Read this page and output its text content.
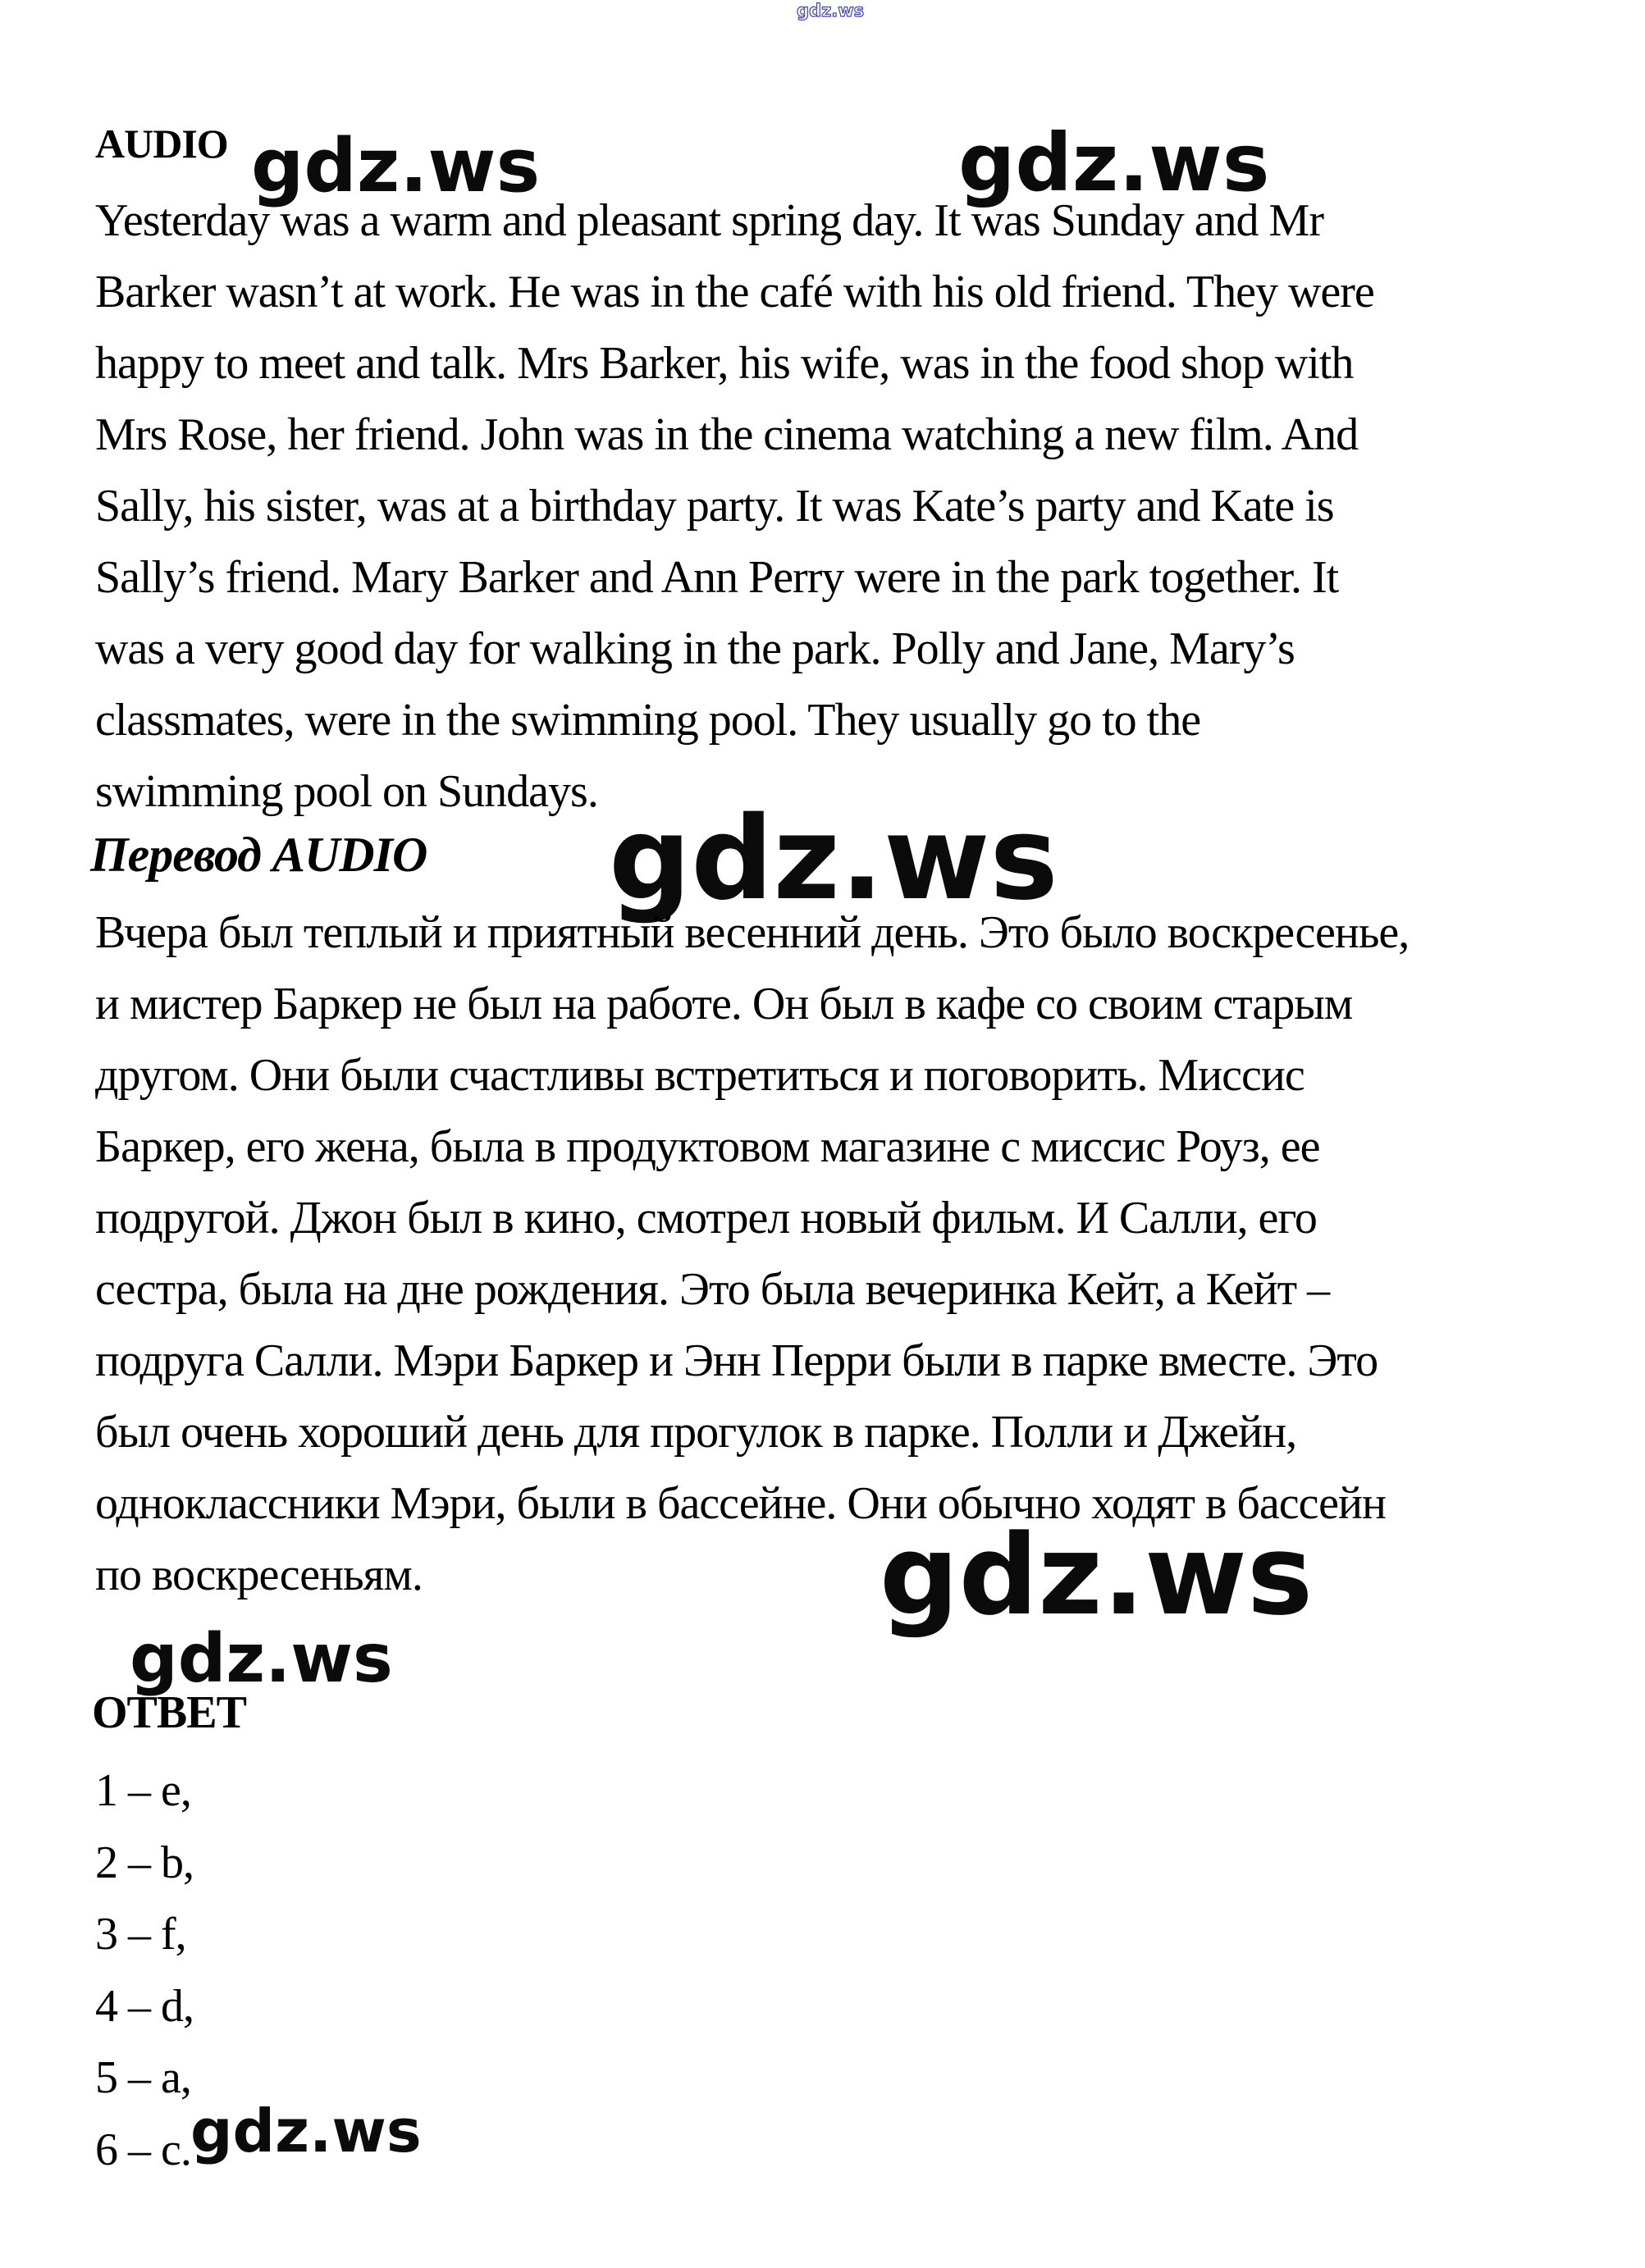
gdz.ws
gdz.ws	gdz.ws
gdz.ws
gdz.ws
gdz.ws
gdz.ws
AUDIO
Yesterday was a warm and pleasant spring day. It was Sunday and Mr
Barker wasn’t at work. He was in the café with his old friend. They were
happy to meet and talk. Mrs Barker, his wife, was in the food shop with
Mrs Rose, her friend. John was in the cinema watching a new film. And
Sally, his sister, was at a birthday party. It was Kate’s party and Kate is
Sally’s friend. Mary Barker and Ann Perry were in the park together. It
was a very good day for walking in the park. Polly and Jane, Mary’s
classmates, were in the swimming pool. They usually go to the
swimming pool on Sundays.
Перевод AUDIO
Вчера был теплый и приятный весенний день. Это было воскресенье,
и мистер Баркер не был на работе. Он был в кафе со своим старым
другом. Они были счастливы встретиться и поговорить. Миссис
Баркер, его жена, была в продуктовом магазине с миссис Роуз, ее
подругой. Джон был в кино, смотрел новый фильм. И Салли, его
сестра, была на дне рождения. Это была вечеринка Кейт, а Кейт –
подруга Салли. Мэри Баркер и Энн Перри были в парке вместе. Это
был очень хороший день для прогулок в парке. Полли и Джейн,
одноклассники Мэри, были в бассейне. Они обычно ходят в бассейн
по воскресеньям.
ОТВЕТ
1 – e,
2 – b,
3 – f,
4 – d,
5 – a,
6 – c.
